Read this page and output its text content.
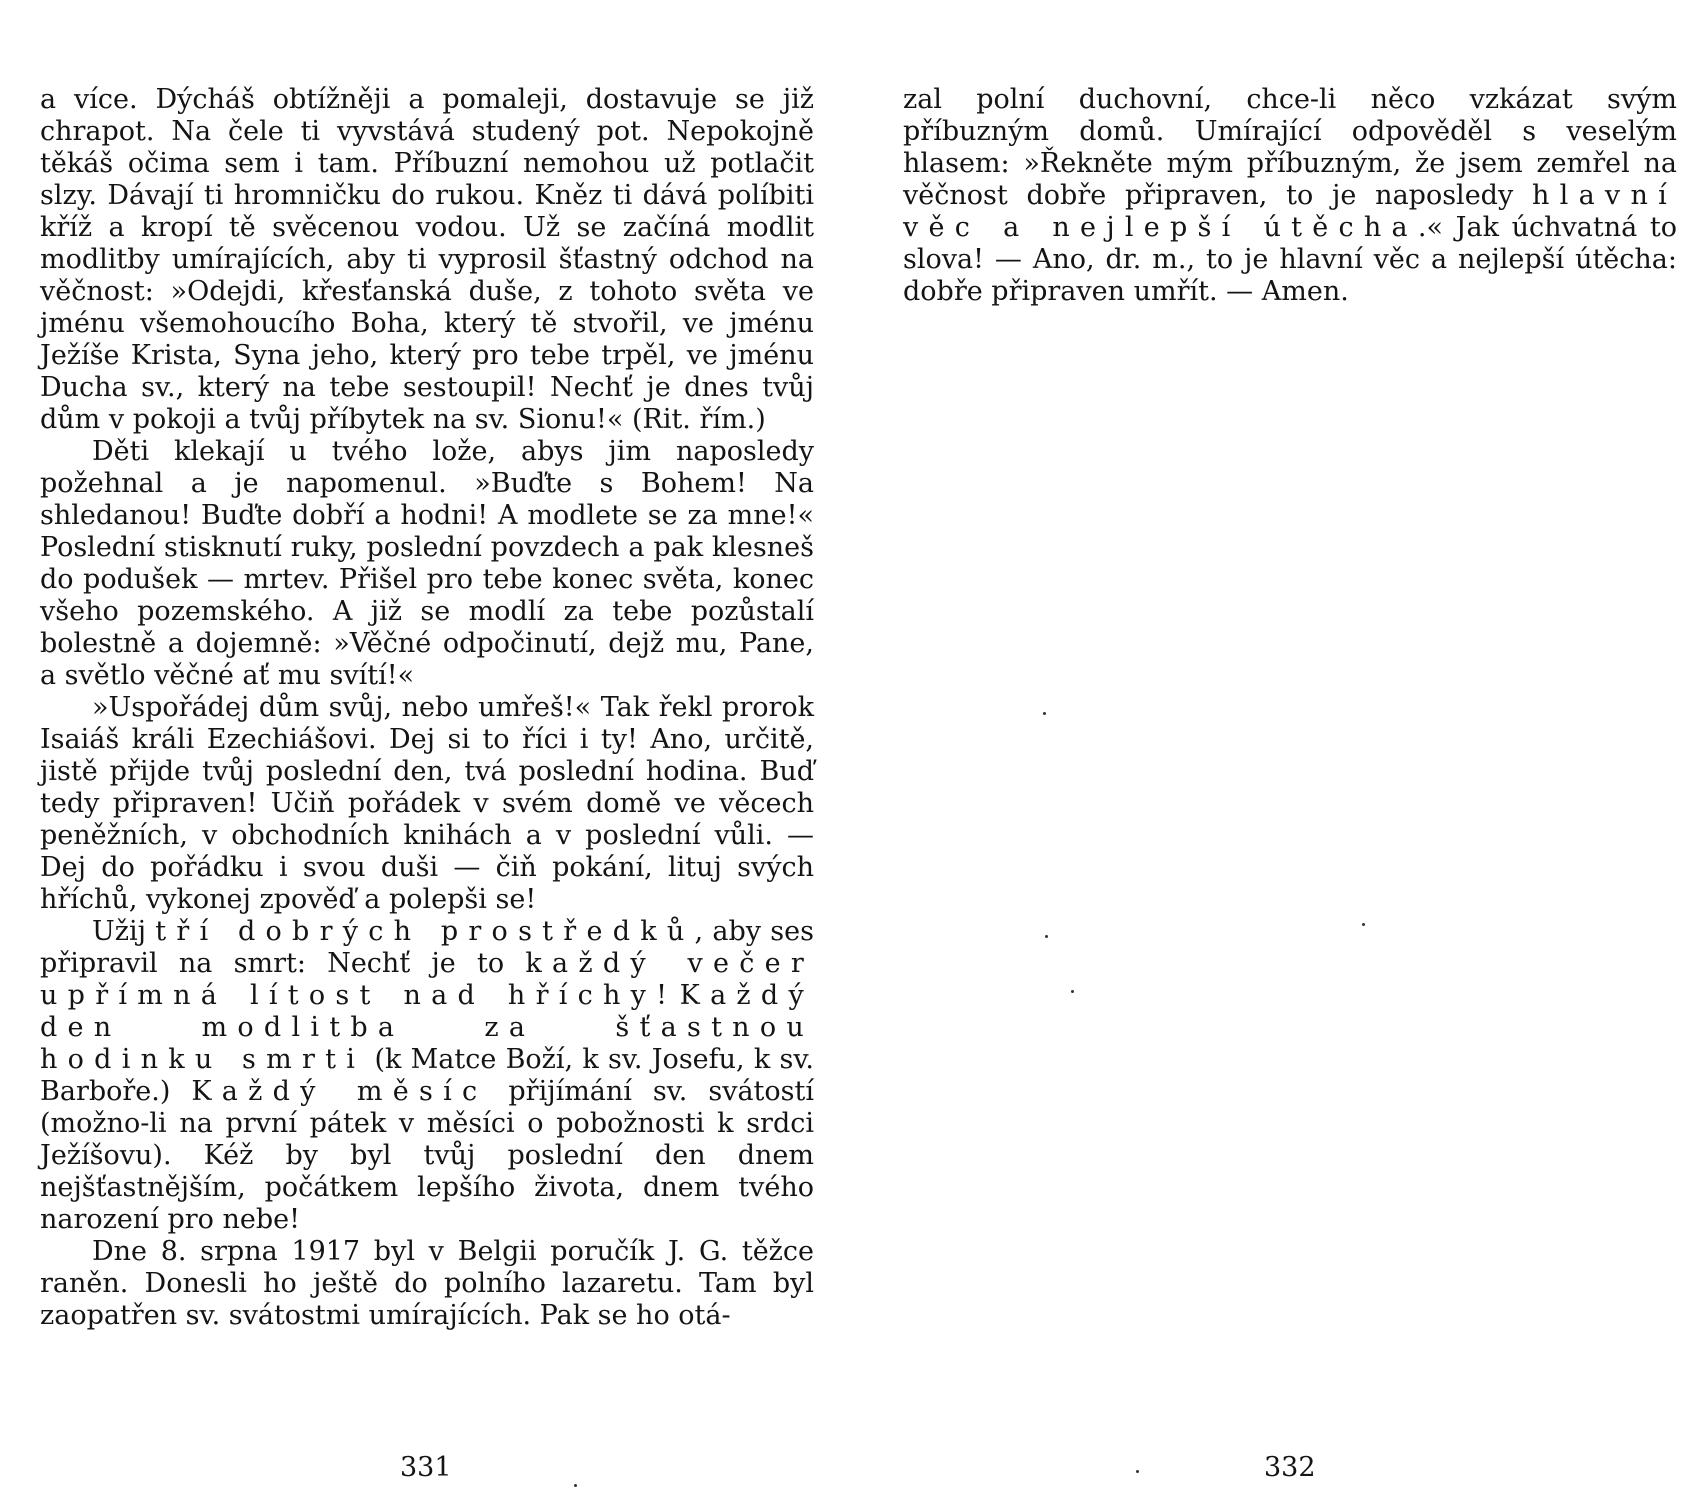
a více. Dýcháš obtížněji a pomaleji, dostavuje se již chrapot. Na čele ti vyvstává studený pot. Nepokojně těkáš očima sem i tam. Příbuzní nemohou už potlačit slzy. Dávají ti hromničku do rukou. Kněz ti dává políbiti kříž a kropí tě svěcenou vodou. Už se začíná modlit modlitby umírajících, aby ti vyprosil šťastný odchod na věčnost: »Odejdi, křesťanská duše, z tohoto světa ve jménu všemohoucího Boha, který tě stvořil, ve jménu Ježíše Krista, Syna jeho, který pro tebe trpěl, ve jménu Ducha sv., který na tebe sestoupil! Nechť je dnes tvůj dům v pokoji a tvůj příbytek na sv. Sionu!« (Rit. řím.)

Děti klekají u tvého lože, abys jim naposledy požehnal a je napomenul. »Buďte s Bohem! Na shledanou! Buďte dobří a hodni! A modlete se za mne!« Poslední stisknutí ruky, poslední povzdech a pak klesneš do podušek — mrtev. Přišel pro tebe konec světa, konec všeho pozemského. A již se modlí za tebe pozůstalí bolestně a dojemně: »Věčné odpočinutí, dejž mu, Pane, a světlo věčné ať mu svítí!«

»Uspořádej dům svůj, nebo umřeš!« Tak řekl prorok Isaiáš králi Ezechiášovi. Dej si to říci i ty! Ano, určitě, jistě přijde tvůj poslední den, tvá poslední hodina. Buď tedy připraven! Učiň pořádek v svém domě ve věcech peněžních, v obchodních knihách a v poslední vůli. — Dej do pořádku i svou duši — čiň pokání, lituj svých hříchů, vykonej zpověď a polepši se!

Užij tří dobrých prostředků, aby ses připravil na smrt: Nechť je to každý večer upřímná lítost nad hříchy! Každý den modlitba za šťastnou hodinku smrti (k Matce Boží, k sv. Josefu, k sv. Barboře.) Každý měsíc přijímání sv. svátostí (možno-li na první pátek v měsíci o pobožnosti k srdci Ježíšovu). Kéž by byl tvůj poslední den dnem nejšťastnějším, počátkem lepšího života, dnem tvého narození pro nebe!

Dne 8. srpna 1917 byl v Belgii poručík J. G. těžce raněn. Donesli ho ještě do polního lazaretu. Tam byl zaopatřen sv. svátostmi umírajících. Pak se ho otá-

zal polní duchovní, chce-li něco vzkázat svým příbuzným domů. Umírající odpověděl s veselým hlasem: »Řekněte mým příbuzným, že jsem zemřel na věčnost dobře připraven, to je naposledy hlavní věc a nejlepší útěcha.« Jak úchvatná to slova! — Ano, dr. m., to je hlavní věc a nejlepší útěcha: dobře připraven umřít. — Amen.

331	332
